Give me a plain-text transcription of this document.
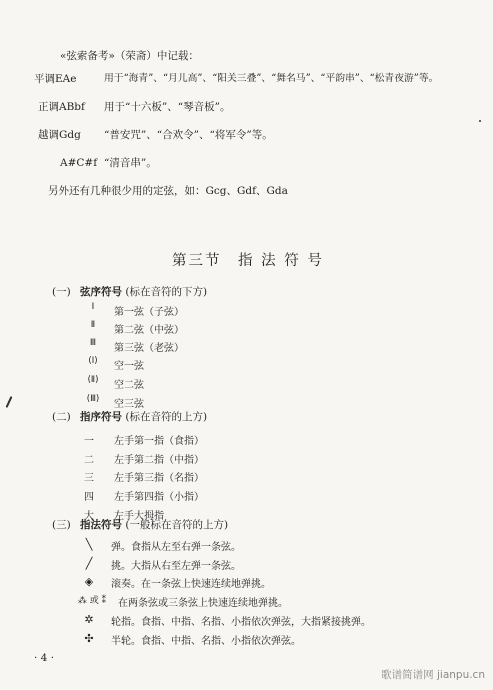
«弦索备考»（荣斋）中记载：
平调EAe	用于“海青”、“月儿高”、“阳关三叠”、“舞名马”、“平韵串”、“松青夜游”等。
正调ABbf 用于“十六板”、“琴音板”。
越调Gdg “普安咒”、“合欢令”、“将军令”等。
A#C#f “清音串”。
另外还有几种很少用的定弦，如：Gcg、Gdf、Gda
第三节　指 法 符 号
(一) 弦序符号 (标在音符的下方)
Ⅰ	第一弦（子弦）
Ⅱ	第二弦（中弦）
Ⅲ	第三弦（老弦）
(Ⅰ)	空一弦
(Ⅱ)	空二弦
(Ⅲ)	空三弦
(二) 指序符号 (标在音符的上方)
一	左手第一指（食指）
二	左手第二指（中指）
三	左手第三指（名指）
四	左手第四指（小指）
大	左手大拇指
(三) 指法符号 (一般标在音符的上方)
╲	弹。食指从左至右弹一条弦。
╱	挑。大指从右至左弹一条弦。
◈	滚奏。在一条弦上快速连续地弹挑。
⁂ 或 ⁑	在两条弦或三条弦上快速连续地弹挑。
✲	轮指。食指、中指、名指、小指依次弹弦，大指紧接挑弹。
✣	半轮。食指、中指、名指、小指依次弹弦。
· 4 ·
歌谱简谱网 jianpu.cn
